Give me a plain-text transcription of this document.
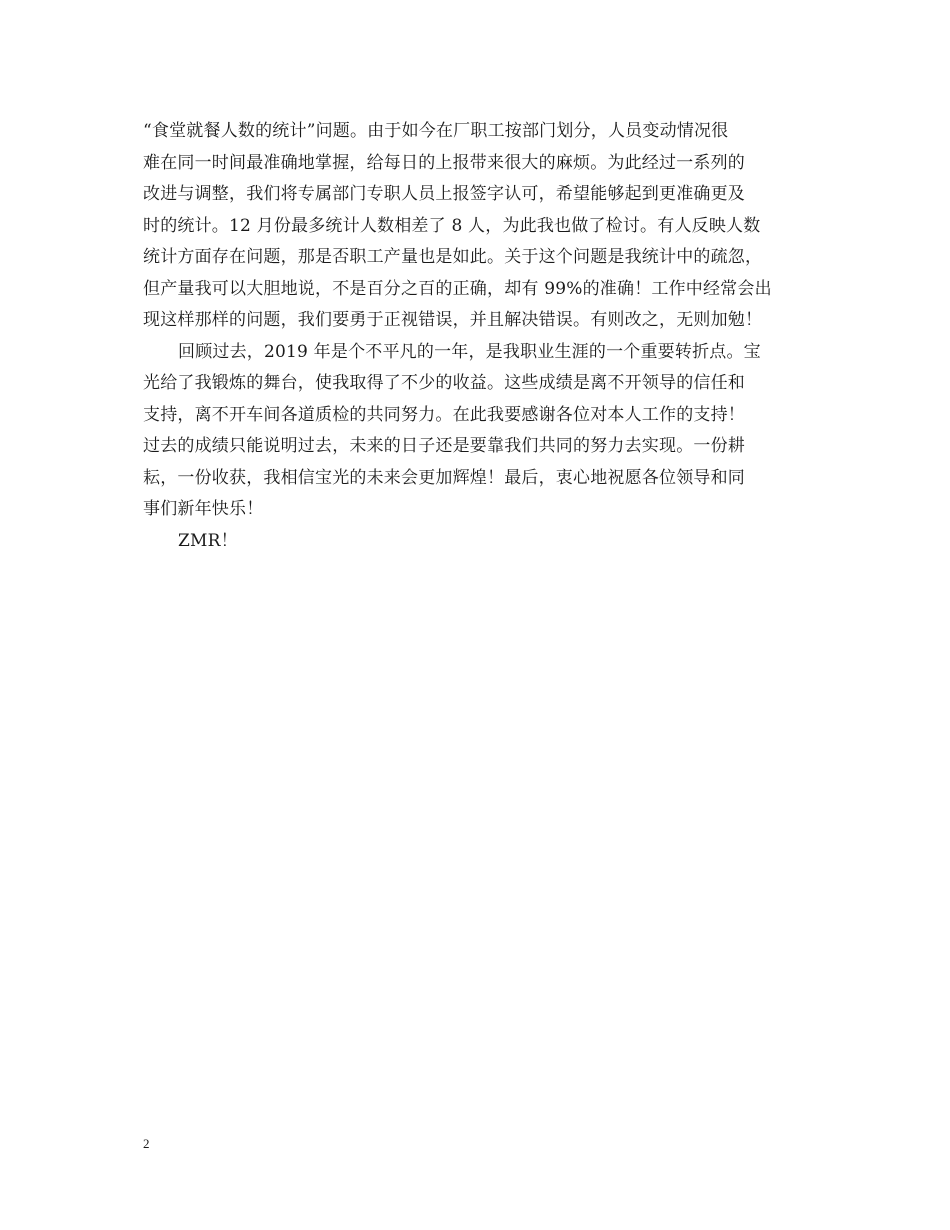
“食堂就餐人数的统计”问题。由于如今在厂职工按部门划分，人员变动情况很
难在同一时间最准确地掌握，给每日的上报带来很大的麻烦。为此经过一系列的
改进与调整，我们将专属部门专职人员上报签字认可，希望能够起到更准确更及
时的统计。12 月份最多统计人数相差了 8 人，为此我也做了检讨。有人反映人数
统计方面存在问题，那是否职工产量也是如此。关于这个问题是我统计中的疏忽，
但产量我可以大胆地说，不是百分之百的正确，却有 99%的准确！工作中经常会出
现这样那样的问题，我们要勇于正视错误，并且解决错误。有则改之，无则加勉！
回顾过去，2019 年是个不平凡的一年，是我职业生涯的一个重要转折点。宝
光给了我锻炼的舞台，使我取得了不少的收益。这些成绩是离不开领导的信任和
支持，离不开车间各道质检的共同努力。在此我要感谢各位对本人工作的支持！
过去的成绩只能说明过去，未来的日子还是要靠我们共同的努力去实现。一份耕
耘，一份收获，我相信宝光的未来会更加辉煌！最后，衷心地祝愿各位领导和同
事们新年快乐！
ZMR！
2
